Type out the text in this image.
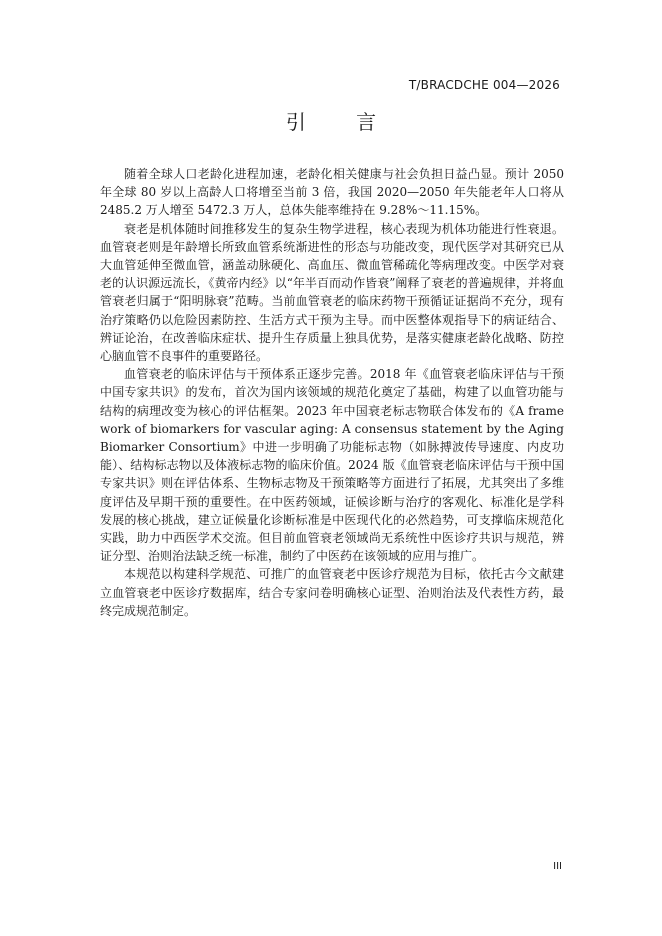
T/BRACDCHE 004—2026
引 言

随着全球人口老龄化进程加速，老龄化相关健康与社会负担日益凸显。预计 2050 年全球 80 岁以上高龄人口将增至当前 3 倍，我国 2020—2050 年失能老年人口将从 2485.2 万人增至 5472.3 万人，总体失能率维持在 9.28%～11.15%。

衰老是机体随时间推移发生的复杂生物学进程，核心表现为机体功能进行性衰退。血管衰老则是年龄增长所致血管系统渐进性的形态与功能改变，现代医学对其研究已从大血管延伸至微血管，涵盖动脉硬化、高血压、微血管稀疏化等病理改变。中医学对衰老的认识源远流长，《黄帝内经》以“年半百而动作皆衰”阐释了衰老的普遍规律，并将血管衰老归属于“阳明脉衰”范畴。当前血管衰老的临床药物干预循证证据尚不充分，现有治疗策略仍以危险因素防控、生活方式干预为主导。而中医整体观指导下的病证结合、辨证论治，在改善临床症状、提升生存质量上独具优势，是落实健康老龄化战略、防控心脑血管不良事件的重要路径。

血管衰老的临床评估与干预体系正逐步完善。2018 年《血管衰老临床评估与干预中国专家共识》的发布，首次为国内该领域的规范化奠定了基础，构建了以血管功能与结构的病理改变为核心的评估框架。2023 年中国衰老标志物联合体发布的《A framework of biomarkers for vascular aging: A consensus statement by the Aging Biomarker Consortium》中进一步明确了功能标志物（如脉搏波传导速度、内皮功能）、结构标志物以及体液标志物的临床价值。2024 版《血管衰老临床评估与干预中国专家共识》则在评估体系、生物标志物及干预策略等方面进行了拓展，尤其突出了多维度评估及早期干预的重要性。在中医药领域，证候诊断与治疗的客观化、标准化是学科发展的核心挑战，建立证候量化诊断标准是中医现代化的必然趋势，可支撑临床规范化实践，助力中西医学术交流。但目前血管衰老领域尚无系统性中医诊疗共识与规范，辨证分型、治则治法缺乏统一标准，制约了中医药在该领域的应用与推广。

本规范以构建科学规范、可推广的血管衰老中医诊疗规范为目标，依托古今文献建立血管衰老中医诊疗数据库，结合专家问卷明确核心证型、治则治法及代表性方药，最终完成规范制定。

III
